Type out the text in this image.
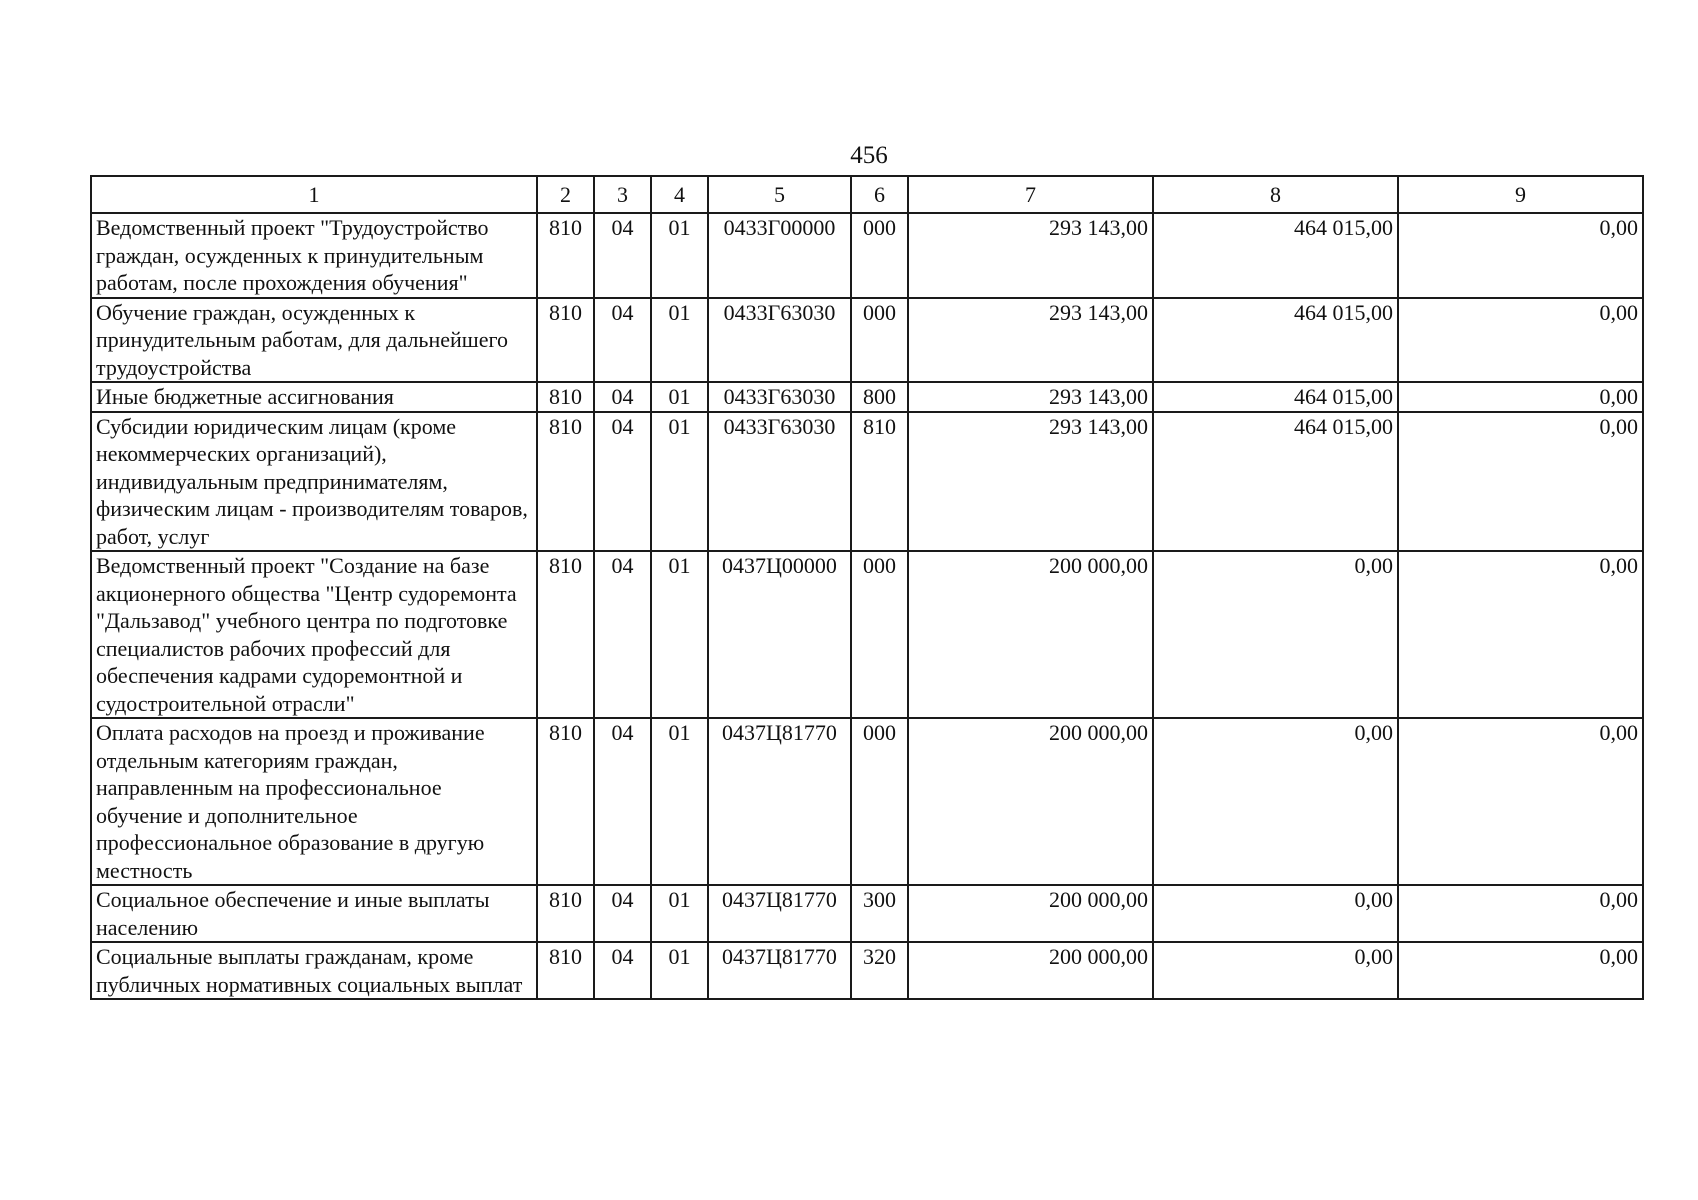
456
1	2	3	4	5	6	7	8	9
Ведомственный проект "Трудоустройство граждан, осужденных к принудительным работам, после прохождения обучения"	810	04	01	0433Г00000	000	293 143,00	464 015,00	0,00
Обучение граждан, осужденных к принудительным работам, для дальнейшего трудоустройства	810	04	01	0433Г63030	000	293 143,00	464 015,00	0,00
Иные бюджетные ассигнования	810	04	01	0433Г63030	800	293 143,00	464 015,00	0,00
Субсидии юридическим лицам (кроме некоммерческих организаций), индивидуальным предпринимателям, физическим лицам - производителям товаров, работ, услуг	810	04	01	0433Г63030	810	293 143,00	464 015,00	0,00
Ведомственный проект "Создание на базе акционерного общества "Центр судоремонта "Дальзавод" учебного центра по подготовке специалистов рабочих профессий для обеспечения кадрами судоремонтной и судостроительной отрасли"	810	04	01	0437Ц00000	000	200 000,00	0,00	0,00
Оплата расходов на проезд и проживание отдельным категориям граждан, направленным на профессиональное обучение и дополнительное профессиональное образование в другую местность	810	04	01	0437Ц81770	000	200 000,00	0,00	0,00
Социальное обеспечение и иные выплаты населению	810	04	01	0437Ц81770	300	200 000,00	0,00	0,00
Социальные выплаты гражданам, кроме публичных нормативных социальных выплат	810	04	01	0437Ц81770	320	200 000,00	0,00	0,00
